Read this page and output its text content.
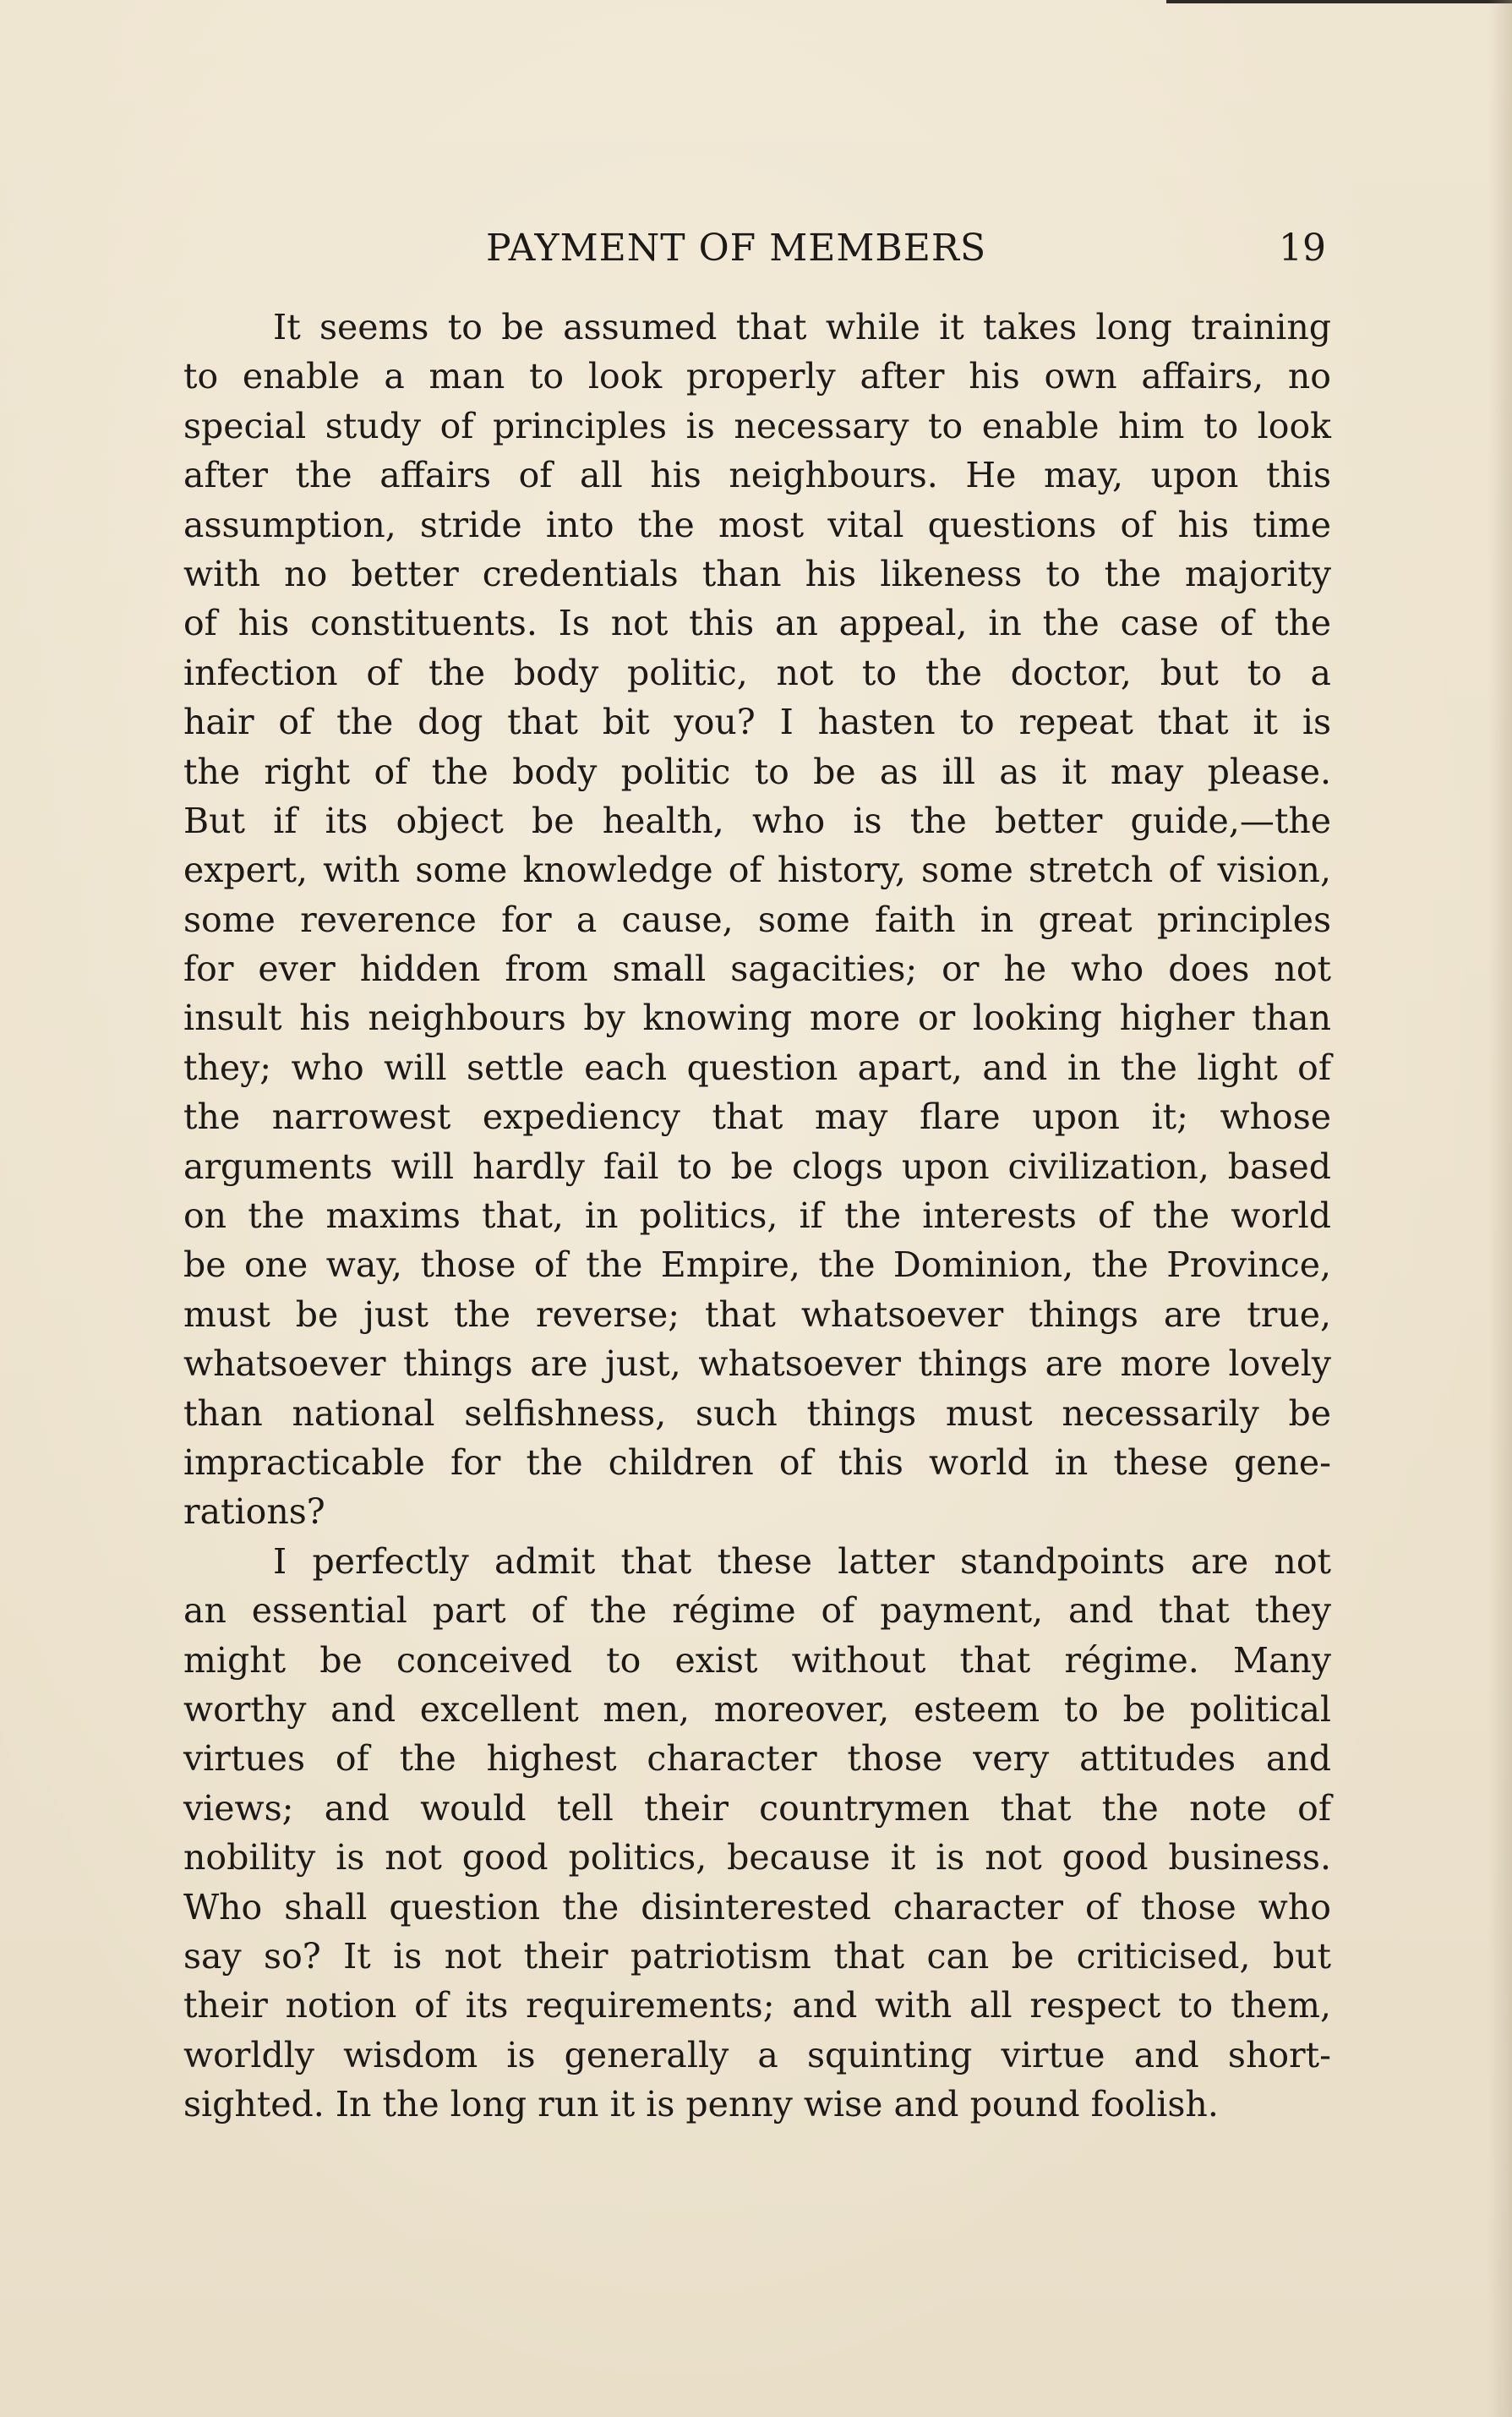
PAYMENT OF MEMBERS	19
It seems to be assumed that while it takes long training
to enable a man to look properly after his own affairs, no
special study of principles is necessary to enable him to look
after the affairs of all his neighbours. He may, upon this
assumption, stride into the most vital questions of his time
with no better credentials than his likeness to the majority
of his constituents. Is not this an appeal, in the case of the
infection of the body politic, not to the doctor, but to a
hair of the dog that bit you? I hasten to repeat that it is
the right of the body politic to be as ill as it may please.
But if its object be health, who is the better guide,—the
expert, with some knowledge of history, some stretch of vision,
some reverence for a cause, some faith in great principles
for ever hidden from small sagacities; or he who does not
insult his neighbours by knowing more or looking higher than
they; who will settle each question apart, and in the light of
the narrowest expediency that may flare upon it; whose
arguments will hardly fail to be clogs upon civilization, based
on the maxims that, in politics, if the interests of the world
be one way, those of the Empire, the Dominion, the Province,
must be just the reverse; that whatsoever things are true,
whatsoever things are just, whatsoever things are more lovely
than national selfishness, such things must necessarily be
impracticable for the children of this world in these gene-
rations?
I perfectly admit that these latter standpoints are not
an essential part of the régime of payment, and that they
might be conceived to exist without that régime. Many
worthy and excellent men, moreover, esteem to be political
virtues of the highest character those very attitudes and
views; and would tell their countrymen that the note of
nobility is not good politics, because it is not good business.
Who shall question the disinterested character of those who
say so? It is not their patriotism that can be criticised, but
their notion of its requirements; and with all respect to them,
worldly wisdom is generally a squinting virtue and short-
sighted. In the long run it is penny wise and pound foolish.
